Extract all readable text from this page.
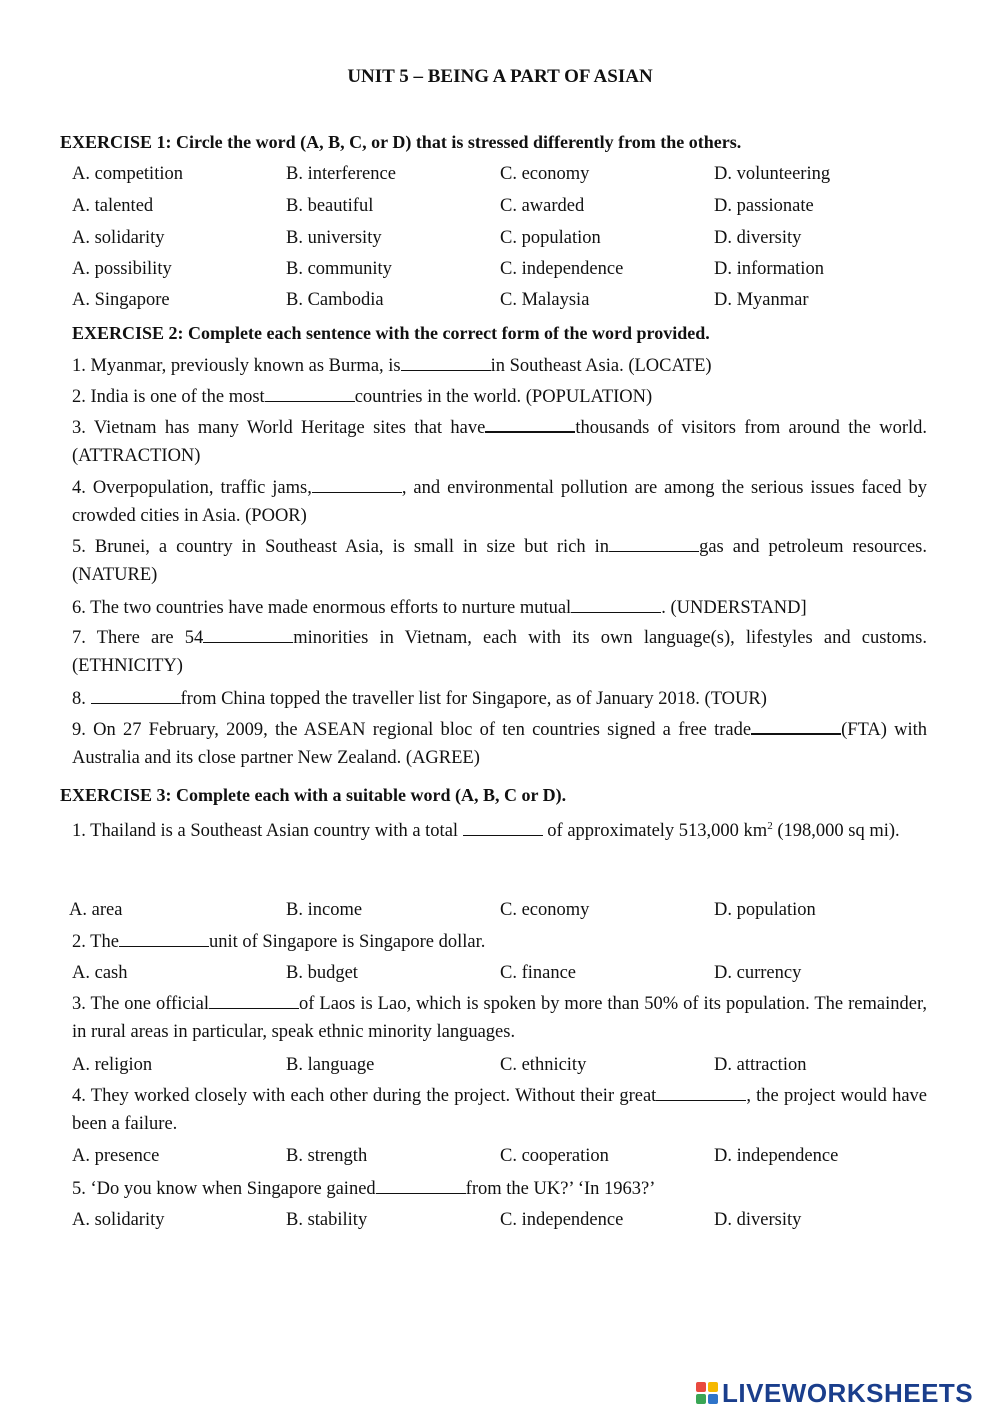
UNIT 5 – BEING A PART OF ASIAN
EXERCISE 1: Circle the word (A, B, C, or D) that is stressed differently from the others.
A. competition	B. interference	C. economy	D. volunteering
A. talented	B. beautiful	C. awarded	D. passionate
A. solidarity	B. university	C. population	D. diversity
A. possibility	B. community	C. independence	D. information
A. Singapore	B. Cambodia	C. Malaysia	D. Myanmar
EXERCISE 2: Complete each sentence with the correct form of the word provided.
1. Myanmar, previously known as Burma, is	in Southeast Asia. (LOCATE)
2. India is one of the most	countries in the world. (POPULATION)
3. Vietnam has many World Heritage sites that have	thousands of visitors from around the world. (ATTRACTION)
4. Overpopulation, traffic jams,	, and environmental pollution are among the serious issues faced by crowded cities in Asia. (POOR)
5. Brunei, a country in Southeast Asia, is small in size but rich in	gas and petroleum resources. (NATURE)
6. The two countries have made enormous efforts to nurture mutual	. (UNDERSTAND]
7. There are 54	minorities in Vietnam, each with its own language(s), lifestyles and customs. (ETHNICITY)
8.	from China topped the traveller list for Singapore, as of January 2018. (TOUR)
9. On 27 February, 2009, the ASEAN regional bloc of ten countries signed a free trade	(FTA) with Australia and its close partner New Zealand. (AGREE)
EXERCISE 3: Complete each with a suitable word (A, B, C or D).
1. Thailand is a Southeast Asian country with a total	of approximately 513,000 $km^2$ (198,000 sq mi).
A. area	B. income	C. economy	D. population
2. The	unit of Singapore is Singapore dollar.
A. cash	B. budget	C. finance	D. currency
3. The one official	of Laos is Lao, which is spoken by more than 50% of its population. The remainder, in rural areas in particular, speak ethnic minority languages.
A. religion	B. language	C. ethnicity	D. attraction
4. They worked closely with each other during the project. Without their great	, the project would have been a failure.
A. presence	B. strength	C. cooperation	D. independence
5. ‘Do you know when Singapore gained	from the UK?’ ‘In 1963?’
A. solidarity	B. stability	C. independence	D. diversity
LIVEWORKSHEETS
